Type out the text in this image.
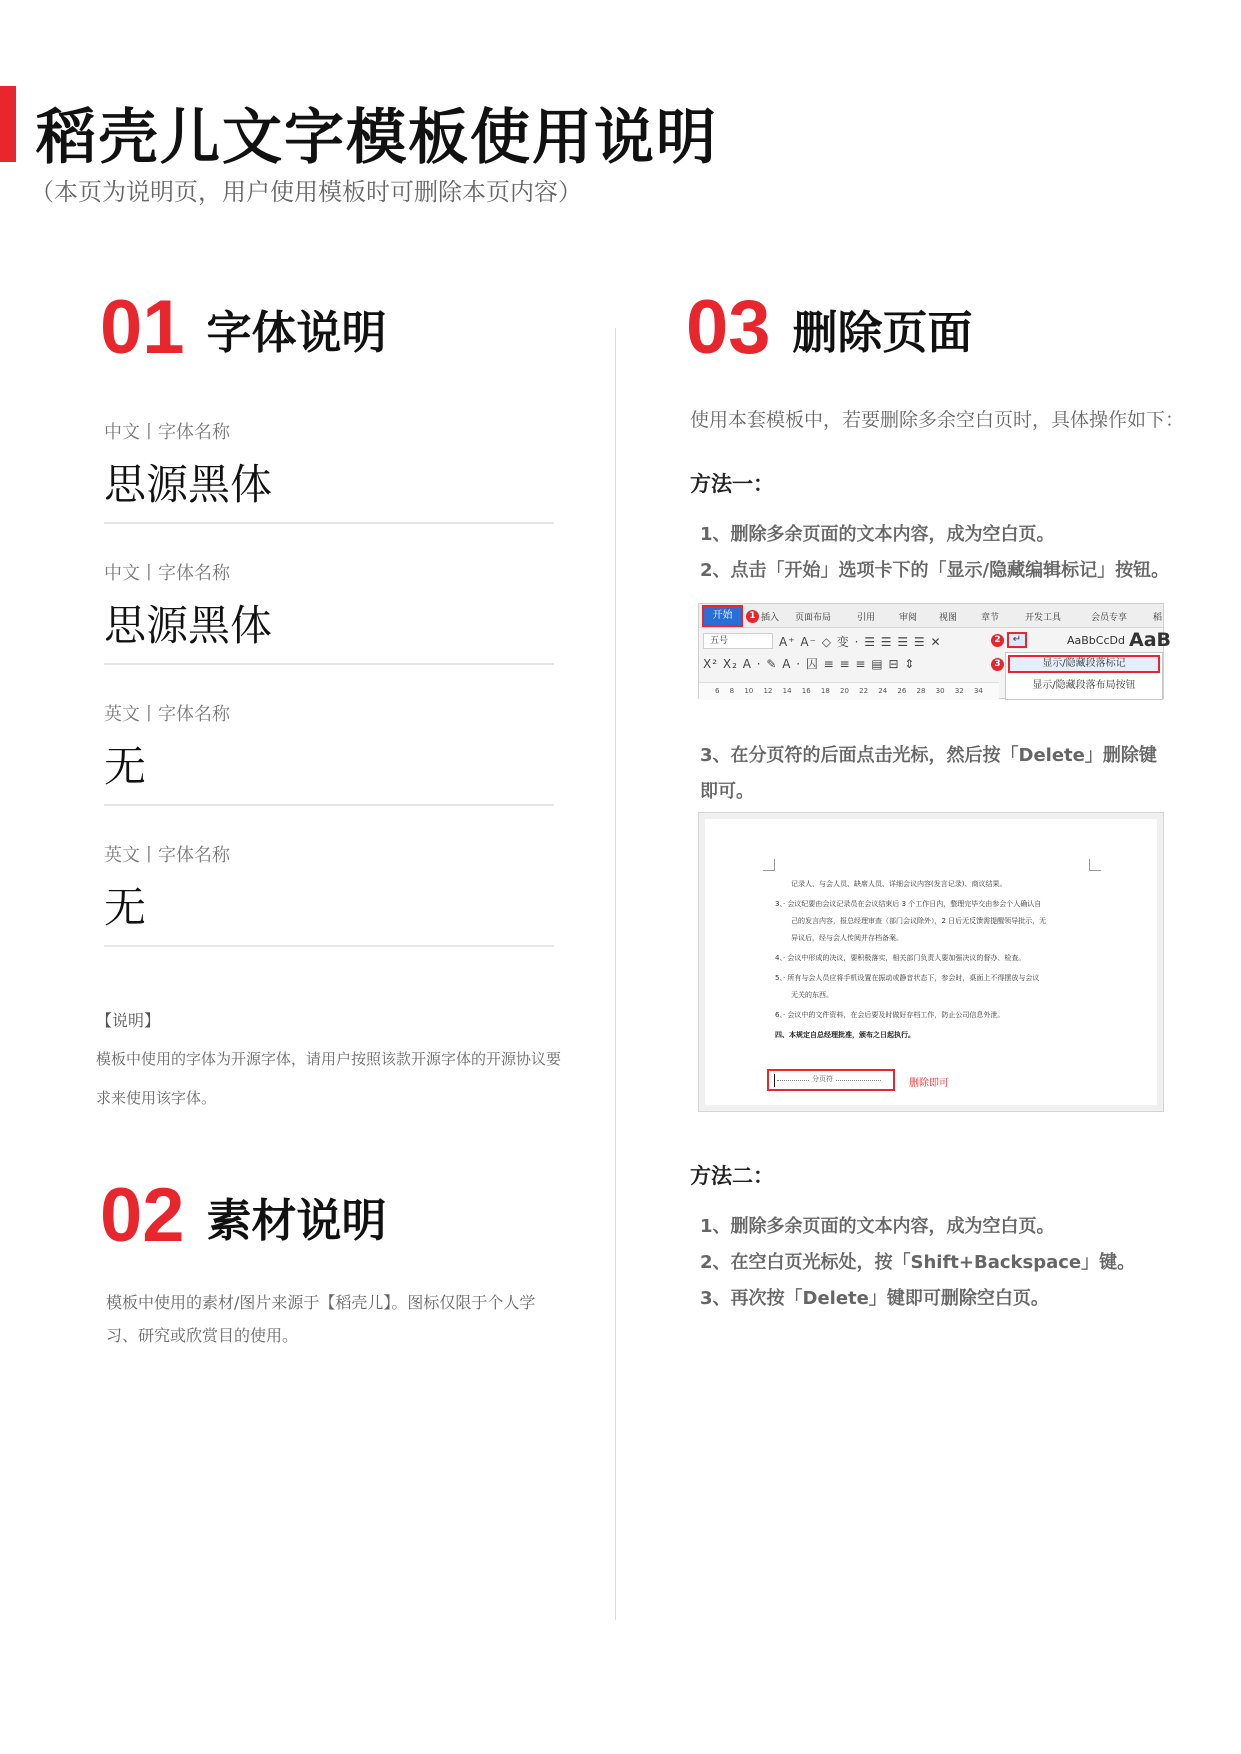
稻壳儿文字模板使用说明
（本页为说明页，用户使用模板时可删除本页内容）
01 字体说明
中文丨字体名称
思源黑体
中文丨字体名称
思源黑体
英文丨字体名称
无
英文丨字体名称
无
【说明】
模板中使用的字体为开源字体，请用户按照该款开源字体的开源协议要求来使用该字体。
02 素材说明
模板中使用的素材/图片来源于【稻壳儿】。图标仅限于个人学习、研究或欣赏目的使用。
03 删除页面
使用本套模板中，若要删除多余空白页时，具体操作如下：
方法一：
1、删除多余页面的文本内容，成为空白页。
2、点击「开始」选项卡下的「显示/隐藏编辑标记」按钮。
开始	1 插入 页面布局	引用	审阅 视图	章节	开发工具	会员专享	稻
五号	A⁺ A⁻ ◇ 变 · ☰ ☰ ☰ ☰ ✕	2	↵	AaBbCcDd AaB
X² X₂ A · ✎ A · 囚 ≡ ≡ ≡ ▤ ⊟ ⇕	3	显示/隐藏段落标记
显示/隐藏段落布局按钮
6 8 10 12 14 16 18 20 22 24 26 28 30 32 34
3、在分页符的后面点击光标，然后按「Delete」删除键即可。
记录人、与会人员、缺席人员、详细会议内容(发言记录)、商议结果。
3、· 会议纪要由会议记录员在会议结束后 3 个工作日内，整理完毕交由参会个人确认自
己的发言内容，报总经理审查（部门会议除外），2 日后无反馈需提醒领导批示，无
异议后，经与会人传阅并存档备案。
4、· 会议中形成的决议，要积极落实，相关部门负责人要加强决议的督办、检查。
5、· 所有与会人员应将手机设置在振动或静音状态下，参会时，桌面上不得摆放与会议
无关的东西。
6、· 会议中的文件资料，在会后要及时做好存档工作，防止公司信息外泄。
四、本规定自总经理批准，颁布之日起执行。
分页符	删除即可
方法二：
1、删除多余页面的文本内容，成为空白页。
2、在空白页光标处，按「Shift+Backspace」键。
3、再次按「Delete」键即可删除空白页。
